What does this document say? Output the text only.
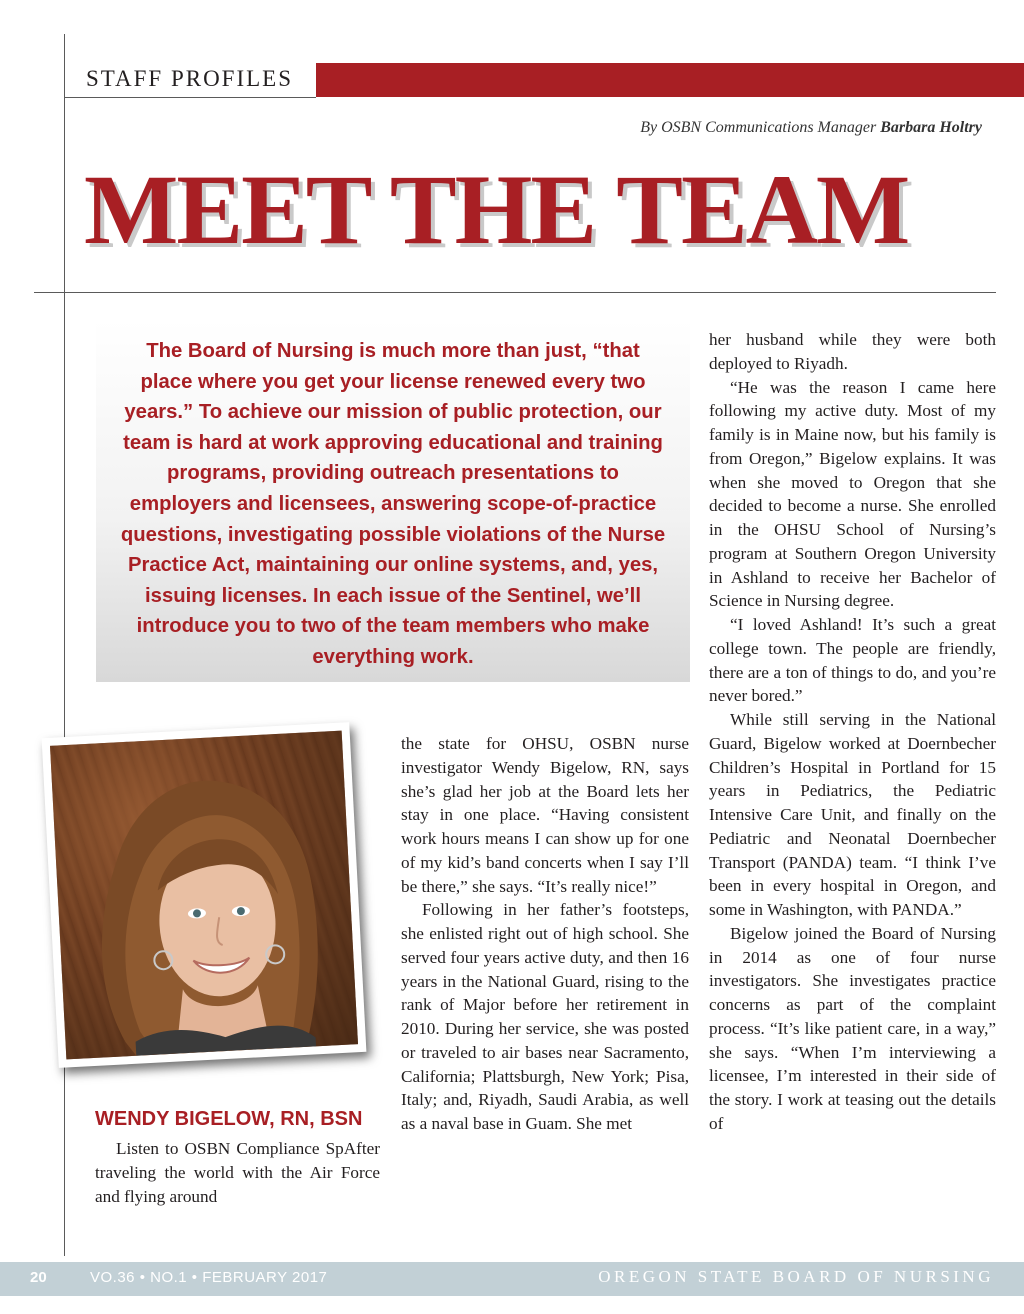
STAFF PROFILES
By OSBN Communications Manager Barbara Holtry
MEET THE TEAM
The Board of Nursing is much more than just, “that place where you get your license renewed every two years.” To achieve our mission of public protection, our team is hard at work approving educational and training programs, providing outreach presentations to employers and licensees, answering scope-of-practice questions, investigating possible violations of the Nurse Practice Act, maintaining our online systems, and, yes, issuing licenses. In each issue of the Sentinel, we’ll introduce you to two of the team members who make everything work.
WENDY BIGELOW, RN, BSN

Listen to OSBN Compliance SpAfter traveling the world with the Air Force and flying around

the state for OHSU, OSBN nurse investigator Wendy Bigelow, RN, says she’s glad her job at the Board lets her stay in one place. “Having consistent work hours means I can show up for one of my kid’s band concerts when I say I’ll be there,” she says. “It’s really nice!”

Following in her father’s footsteps, she enlisted right out of high school. She served four years active duty, and then 16 years in the National Guard, rising to the rank of Major before her retirement in 2010. During her service, she was posted or traveled to air bases near Sacramento, California; Plattsburgh, New York; Pisa, Italy; and, Riyadh, Saudi Arabia, as well as a naval base in Guam. She met

her husband while they were both deployed to Riyadh.

“He was the reason I came here following my active duty. Most of my family is in Maine now, but his family is from Oregon,” Bigelow explains. It was when she moved to Oregon that she decided to become a nurse. She enrolled in the OHSU School of Nursing’s program at Southern Oregon University in Ashland to receive her Bachelor of Science in Nursing degree.

“I loved Ashland! It’s such a great college town. The people are friendly, there are a ton of things to do, and you’re never bored.”

While still serving in the National Guard, Bigelow worked at Doernbecher Children’s Hospital in Portland for 15 years in Pediatrics, the Pediatric Intensive Care Unit, and finally on the Pediatric and Neonatal Doernbecher Transport (PANDA) team. “I think I’ve been in every hospital in Oregon, and some in Washington, with PANDA.”

Bigelow joined the Board of Nursing in 2014 as one of four nurse investigators. She investigates practice concerns as part of the complaint process. “It’s like patient care, in a way,” she says. “When I’m interviewing a licensee, I’m interested in their side of the story. I work at teasing out the details of

20	VO.36 • NO.1 • FEBRUARY 2017	OREGON STATE BOARD OF NURSING
